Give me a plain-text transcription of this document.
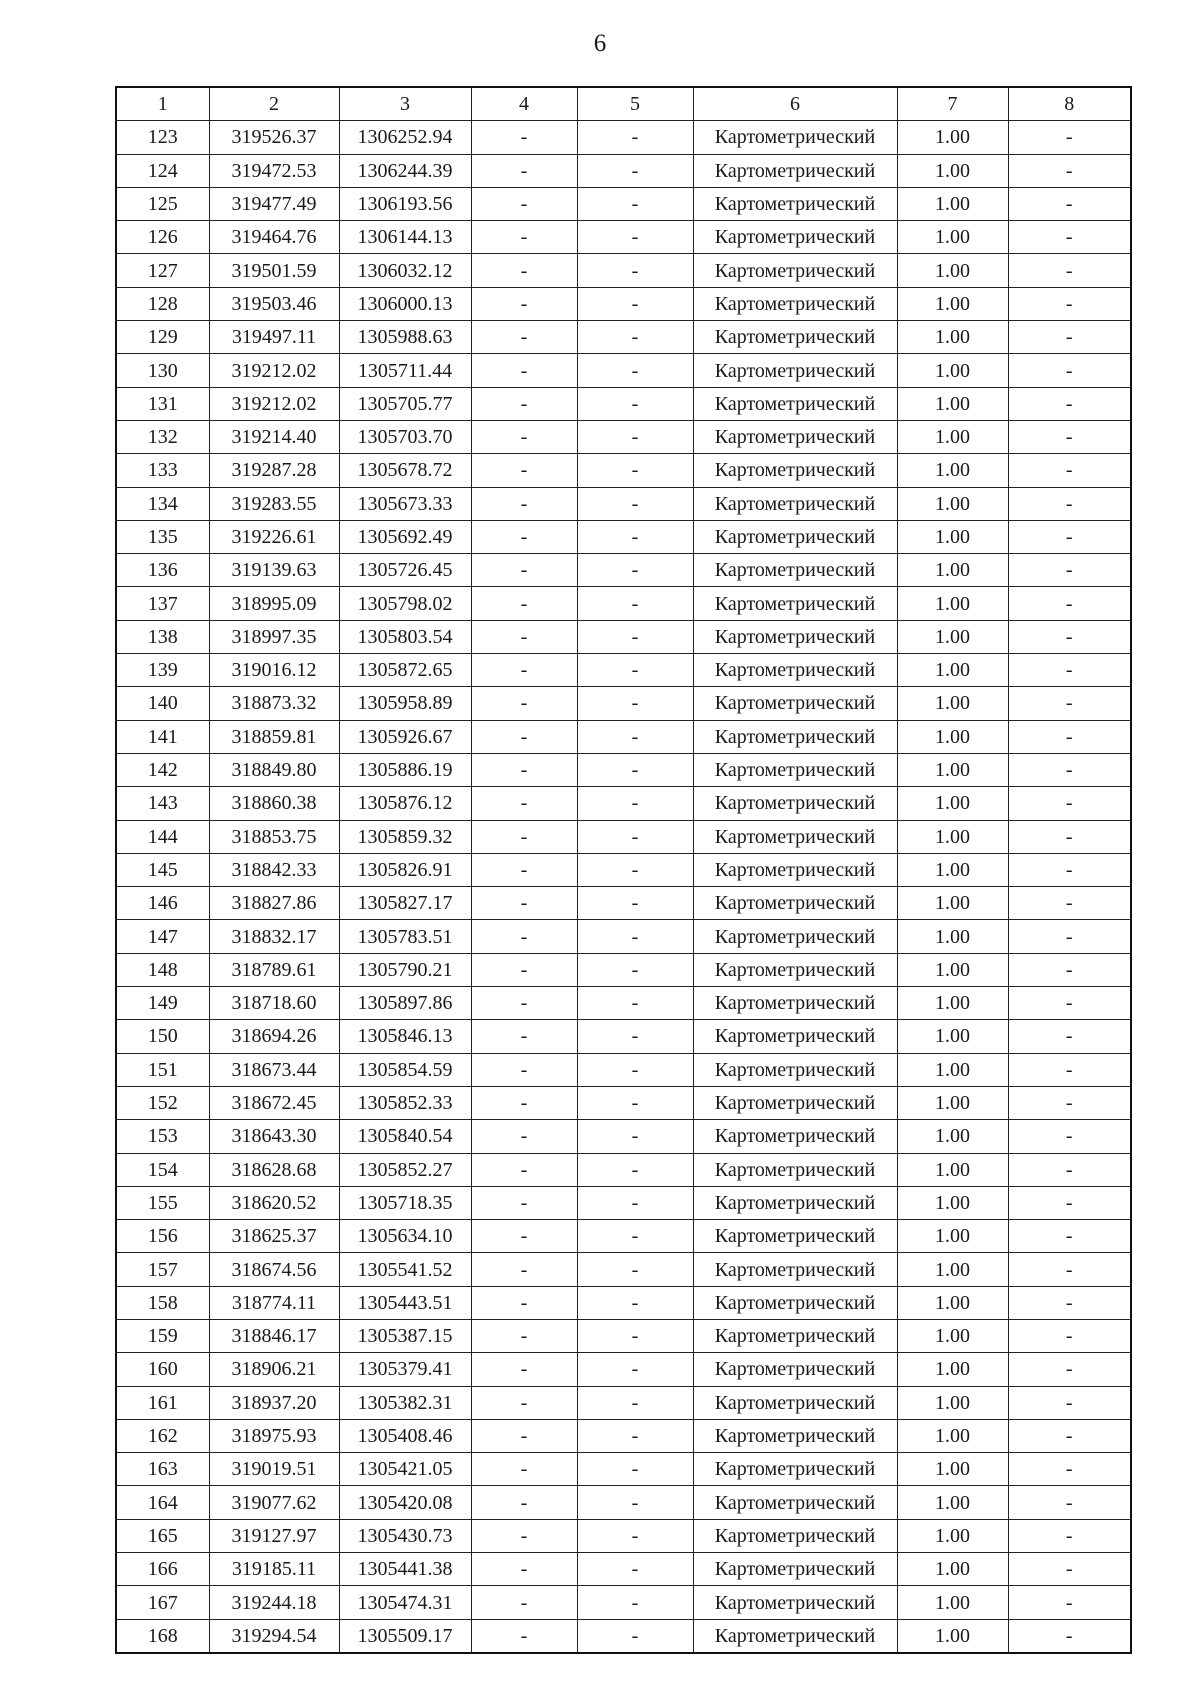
6
1	2	3	4	5	6	7	8
123	319526.37	1306252.94	-	-	Картометрический	1.00	-
124	319472.53	1306244.39	-	-	Картометрический	1.00	-
125	319477.49	1306193.56	-	-	Картометрический	1.00	-
126	319464.76	1306144.13	-	-	Картометрический	1.00	-
127	319501.59	1306032.12	-	-	Картометрический	1.00	-
128	319503.46	1306000.13	-	-	Картометрический	1.00	-
129	319497.11	1305988.63	-	-	Картометрический	1.00	-
130	319212.02	1305711.44	-	-	Картометрический	1.00	-
131	319212.02	1305705.77	-	-	Картометрический	1.00	-
132	319214.40	1305703.70	-	-	Картометрический	1.00	-
133	319287.28	1305678.72	-	-	Картометрический	1.00	-
134	319283.55	1305673.33	-	-	Картометрический	1.00	-
135	319226.61	1305692.49	-	-	Картометрический	1.00	-
136	319139.63	1305726.45	-	-	Картометрический	1.00	-
137	318995.09	1305798.02	-	-	Картометрический	1.00	-
138	318997.35	1305803.54	-	-	Картометрический	1.00	-
139	319016.12	1305872.65	-	-	Картометрический	1.00	-
140	318873.32	1305958.89	-	-	Картометрический	1.00	-
141	318859.81	1305926.67	-	-	Картометрический	1.00	-
142	318849.80	1305886.19	-	-	Картометрический	1.00	-
143	318860.38	1305876.12	-	-	Картометрический	1.00	-
144	318853.75	1305859.32	-	-	Картометрический	1.00	-
145	318842.33	1305826.91	-	-	Картометрический	1.00	-
146	318827.86	1305827.17	-	-	Картометрический	1.00	-
147	318832.17	1305783.51	-	-	Картометрический	1.00	-
148	318789.61	1305790.21	-	-	Картометрический	1.00	-
149	318718.60	1305897.86	-	-	Картометрический	1.00	-
150	318694.26	1305846.13	-	-	Картометрический	1.00	-
151	318673.44	1305854.59	-	-	Картометрический	1.00	-
152	318672.45	1305852.33	-	-	Картометрический	1.00	-
153	318643.30	1305840.54	-	-	Картометрический	1.00	-
154	318628.68	1305852.27	-	-	Картометрический	1.00	-
155	318620.52	1305718.35	-	-	Картометрический	1.00	-
156	318625.37	1305634.10	-	-	Картометрический	1.00	-
157	318674.56	1305541.52	-	-	Картометрический	1.00	-
158	318774.11	1305443.51	-	-	Картометрический	1.00	-
159	318846.17	1305387.15	-	-	Картометрический	1.00	-
160	318906.21	1305379.41	-	-	Картометрический	1.00	-
161	318937.20	1305382.31	-	-	Картометрический	1.00	-
162	318975.93	1305408.46	-	-	Картометрический	1.00	-
163	319019.51	1305421.05	-	-	Картометрический	1.00	-
164	319077.62	1305420.08	-	-	Картометрический	1.00	-
165	319127.97	1305430.73	-	-	Картометрический	1.00	-
166	319185.11	1305441.38	-	-	Картометрический	1.00	-
167	319244.18	1305474.31	-	-	Картометрический	1.00	-
168	319294.54	1305509.17	-	-	Картометрический	1.00	-
